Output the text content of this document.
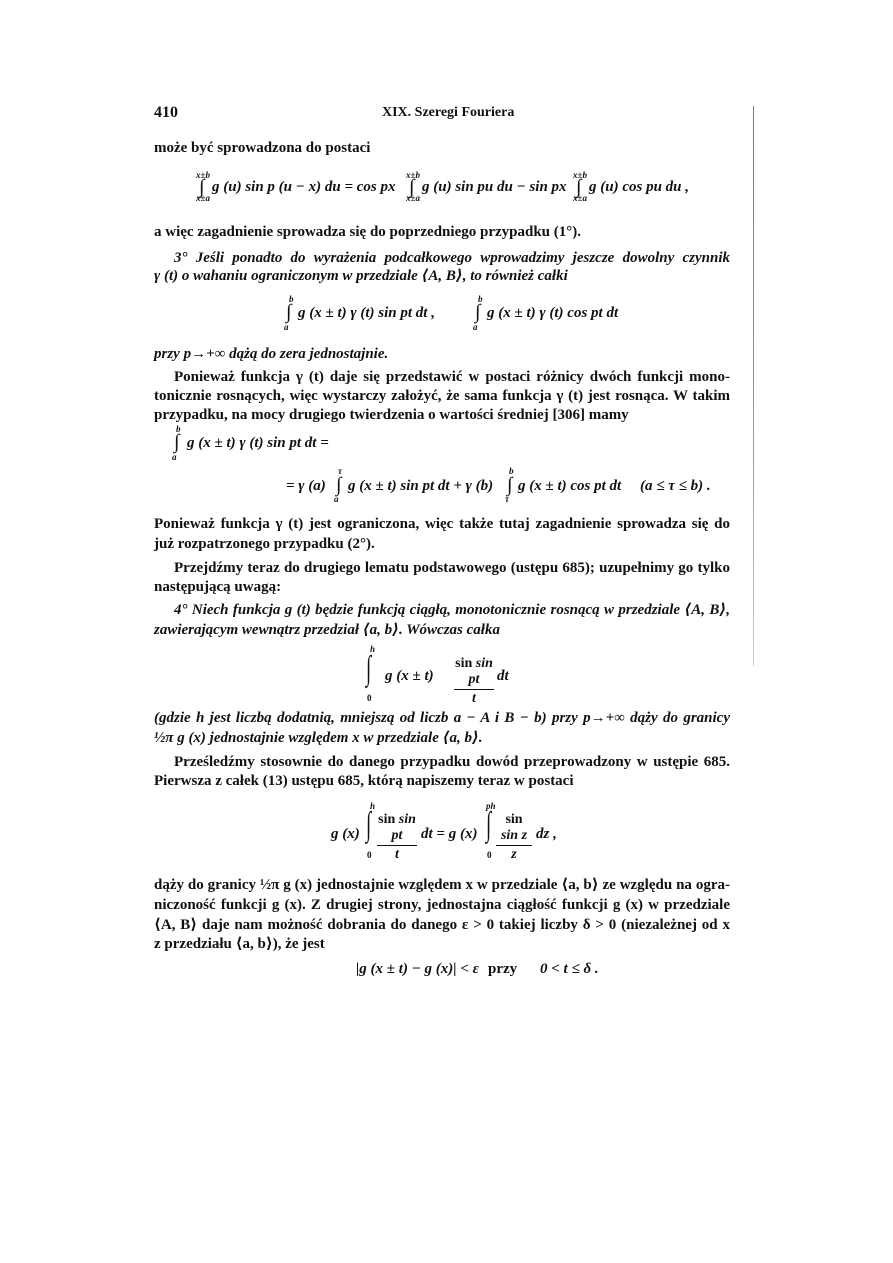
410	XIX. Szeregi Fouriera
może być sprowadzona do postaci
x±b
∫
x±a
g (u) sin p (u − x) du = cos px
x±b
∫
x±a
g (u) sin pu du − sin px
x±b
∫
x±a
g (u) cos pu du ,
a więc zagadnienie sprowadza się do poprzedniego przypadku (1°).
3° Jeśli ponadto do wyrażenia podcałkowego wprowadzimy jeszcze dowolny czynnik
γ (t) o wahaniu ograniczonym w przedziale ⟨A, B⟩, to również całki
b
∫
a
g (x ± t) γ (t) sin pt dt ,
b
∫
a
g (x ± t) γ (t) cos pt dt
przy p→+∞ dążą do zera jednostajnie.
Ponieważ funkcja γ (t) daje się przedstawić w postaci różnicy dwóch funkcji mono-
tonicznie rosnących, więc wystarczy założyć, że sama funkcja γ (t) jest rosnąca. W takim
przypadku, na mocy drugiego twierdzenia o wartości średniej [306] mamy
b
∫
a
g (x ± t) γ (t) sin pt dt =
= γ (a)
τ
∫
a
g (x ± t) sin pt dt + γ (b)
b
∫
τ
g (x ± t) cos pt dt (a ≤ τ ≤ b) .
Ponieważ funkcja γ (t) jest ograniczona, więc także tutaj zagadnienie sprowadza się do
już rozpatrzonego przypadku (2°).
Przejdźmy teraz do drugiego lematu podstawowego (ustępu 685); uzupełnimy go tylko
następującą uwagą:
4° Niech funkcja g (t) będzie funkcją ciągłą, monotonicznie rosnącą w przedziale ⟨A, B⟩,
zawierającym wewnątrz przedział ⟨a, b⟩. Wówczas całka
h
∫
0
g (x ± t)
sin sin pt
t
dt
(gdzie h jest liczbą dodatnią, mniejszą od liczb a − A i B − b) przy p→+∞ dąży do granicy
½π g (x) jednostajnie względem x w przedziale ⟨a, b⟩.
Prześledźmy stosownie do danego przypadku dowód przeprowadzony w ustępie 685.
Pierwsza z całek (13) ustępu 685, którą napiszemy teraz w postaci
g (x)
h
∫
0
sin sin pt
t
dt = g (x)
ph
∫
0
sin sin z
z
dz ,
dąży do granicy ½π g (x) jednostajnie względem x w przedziale ⟨a, b⟩ ze względu na ogra-
niczoność funkcji g (x). Z drugiej strony, jednostajna ciągłość funkcji g (x) w przedziale
⟨A, B⟩ daje nam możność dobrania do danego ε > 0 takiej liczby δ > 0 (niezależnej od x
z przedziału ⟨a, b⟩), że jest
|g (x ± t) − g (x)| < ε przy 0 < t ≤ δ .
